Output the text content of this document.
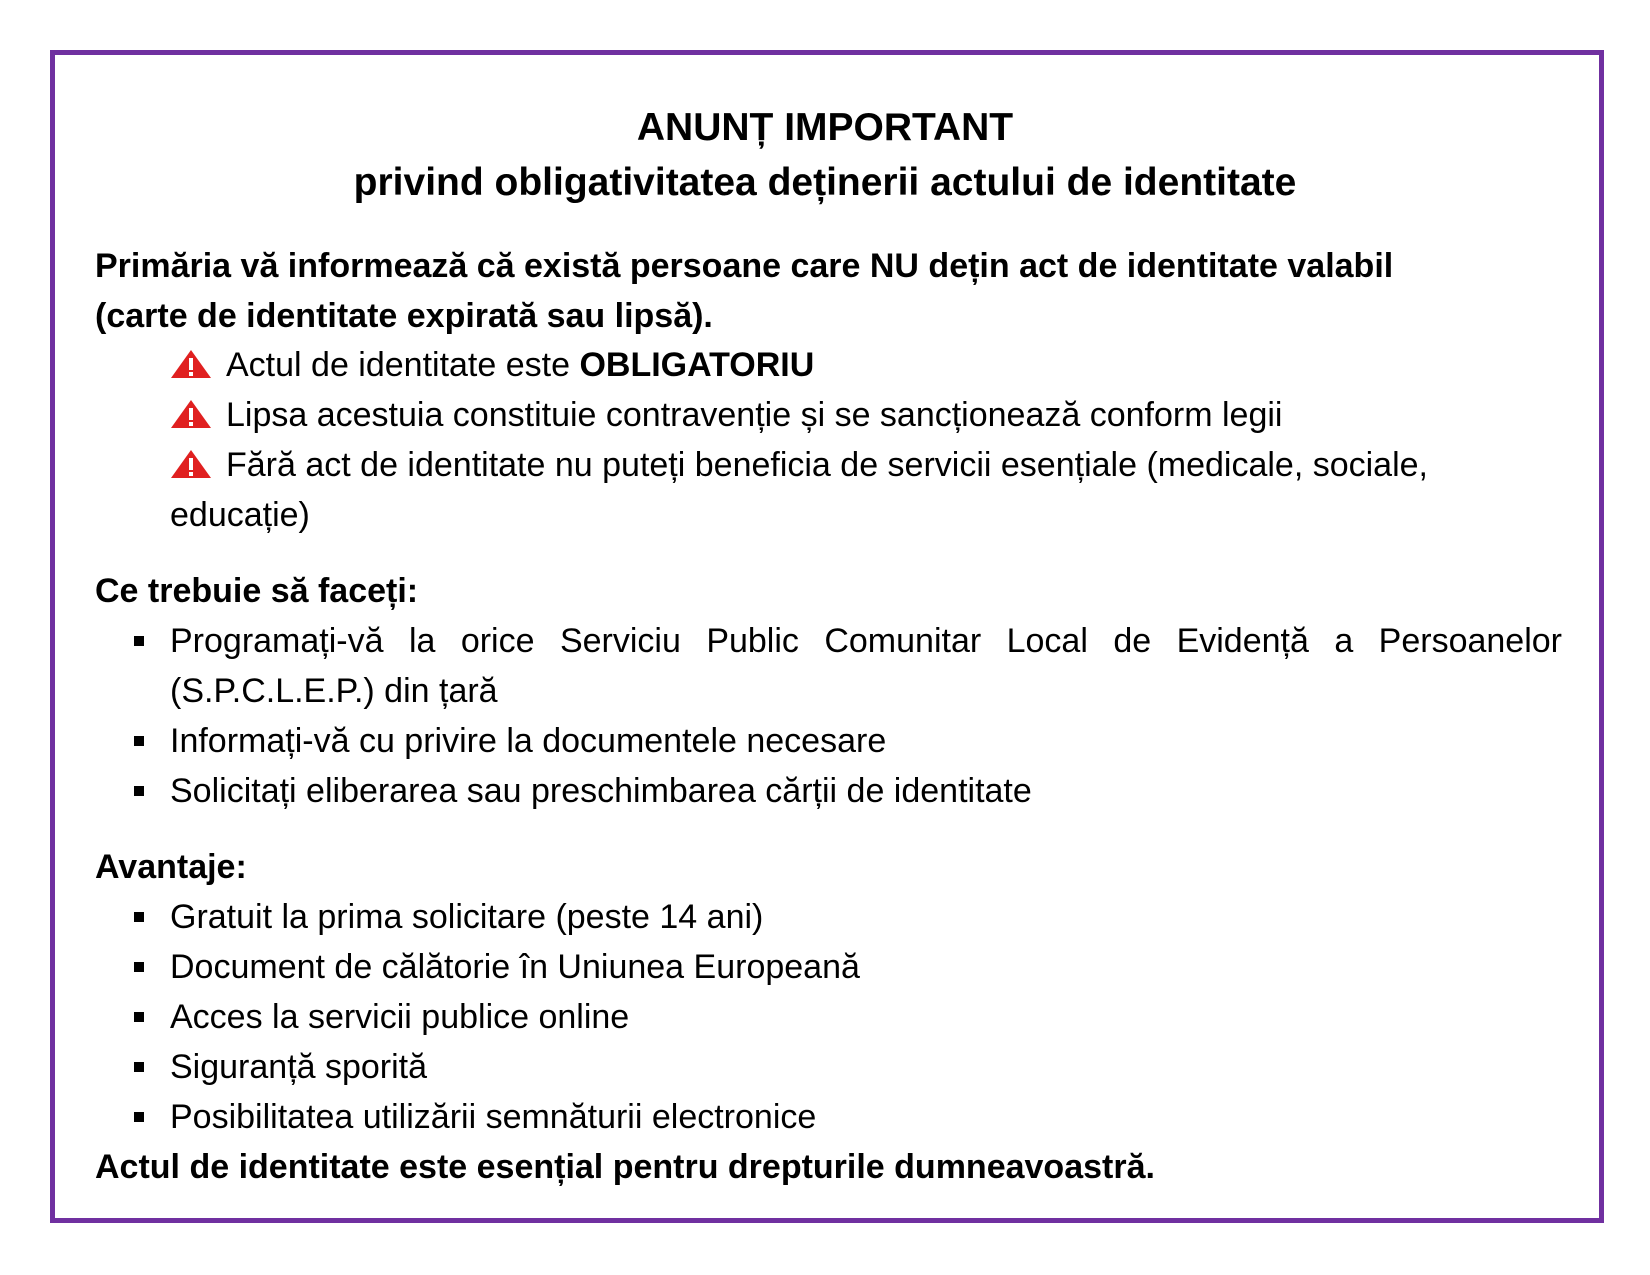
ANUNȚ IMPORTANT
privind obligativitatea deținerii actului de identitate
Primăria vă informează că există persoane care NU dețin act de identitate valabil
(carte de identitate expirată sau lipsă).
Actul de identitate este OBLIGATORIU
Lipsa acestuia constituie contravenție și se sancționează conform legii
Fără act de identitate nu puteți beneficia de servicii esențiale (medicale, sociale,
educație)
Ce trebuie să faceți:
Programați-vă la orice Serviciu Public Comunitar Local de Evidență a Persoanelor
(S.P.C.L.E.P.) din țară
Informați-vă cu privire la documentele necesare
Solicitați eliberarea sau preschimbarea cărții de identitate
Avantaje:
Gratuit la prima solicitare (peste 14 ani)
Document de călătorie în Uniunea Europeană
Acces la servicii publice online
Siguranță sporită
Posibilitatea utilizării semnăturii electronice
Actul de identitate este esențial pentru drepturile dumneavoastră.
